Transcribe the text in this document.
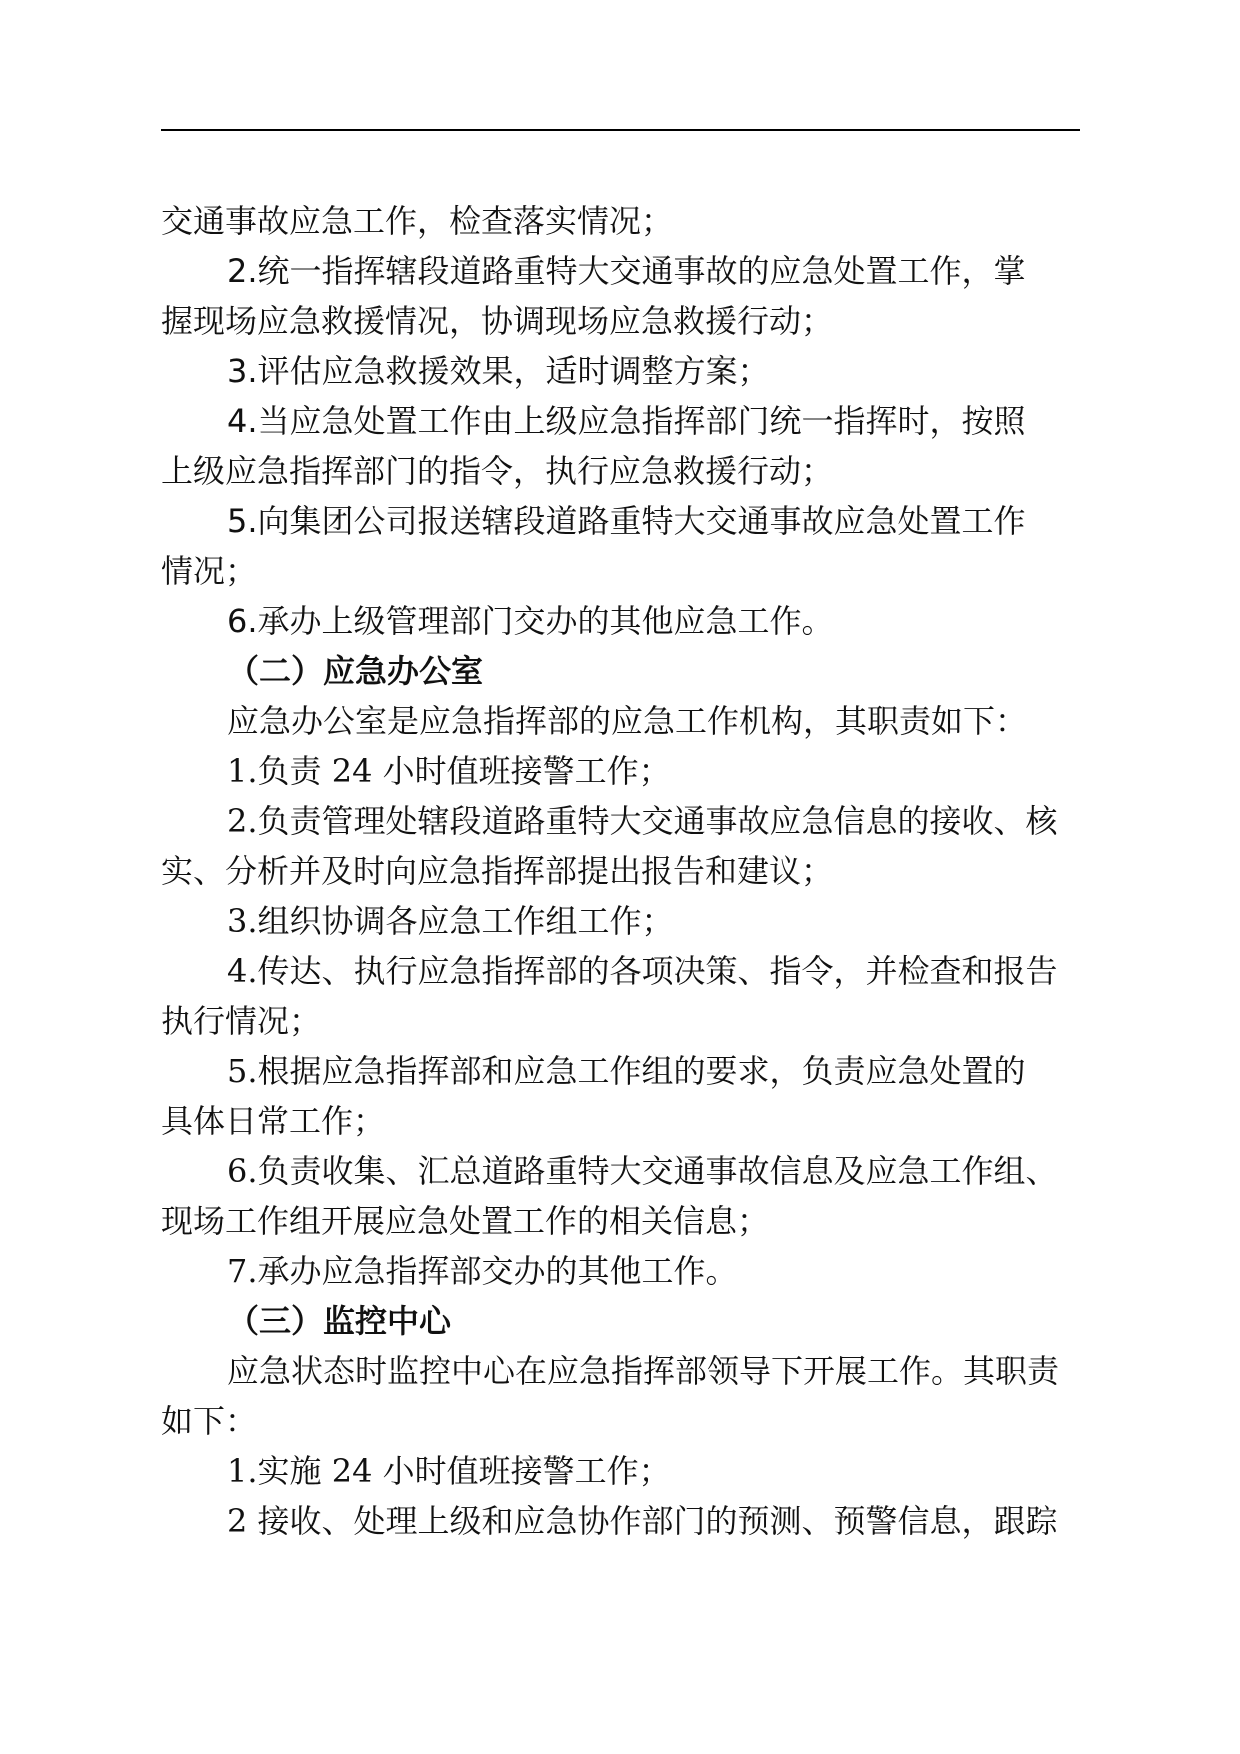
交通事故应急工作，检查落实情况；
2.统一指挥辖段道路重特大交通事故的应急处置工作，掌
握现场应急救援情况，协调现场应急救援行动；
3.评估应急救援效果，适时调整方案；
4.当应急处置工作由上级应急指挥部门统一指挥时，按照
上级应急指挥部门的指令，执行应急救援行动；
5.向集团公司报送辖段道路重特大交通事故应急处置工作
情况；
6.承办上级管理部门交办的其他应急工作。
（二）应急办公室
应急办公室是应急指挥部的应急工作机构，其职责如下：
1.负责 24 小时值班接警工作；
2.负责管理处辖段道路重特大交通事故应急信息的接收、核
实、分析并及时向应急指挥部提出报告和建议；
3.组织协调各应急工作组工作；
4.传达、执行应急指挥部的各项决策、指令，并检查和报告
执行情况；
5.根据应急指挥部和应急工作组的要求，负责应急处置的
具体日常工作；
6.负责收集、汇总道路重特大交通事故信息及应急工作组、
现场工作组开展应急处置工作的相关信息；
7.承办应急指挥部交办的其他工作。
（三）监控中心
应急状态时监控中心在应急指挥部领导下开展工作。其职责
如下：
1.实施 24 小时值班接警工作；
2 接收、处理上级和应急协作部门的预测、预警信息，跟踪
